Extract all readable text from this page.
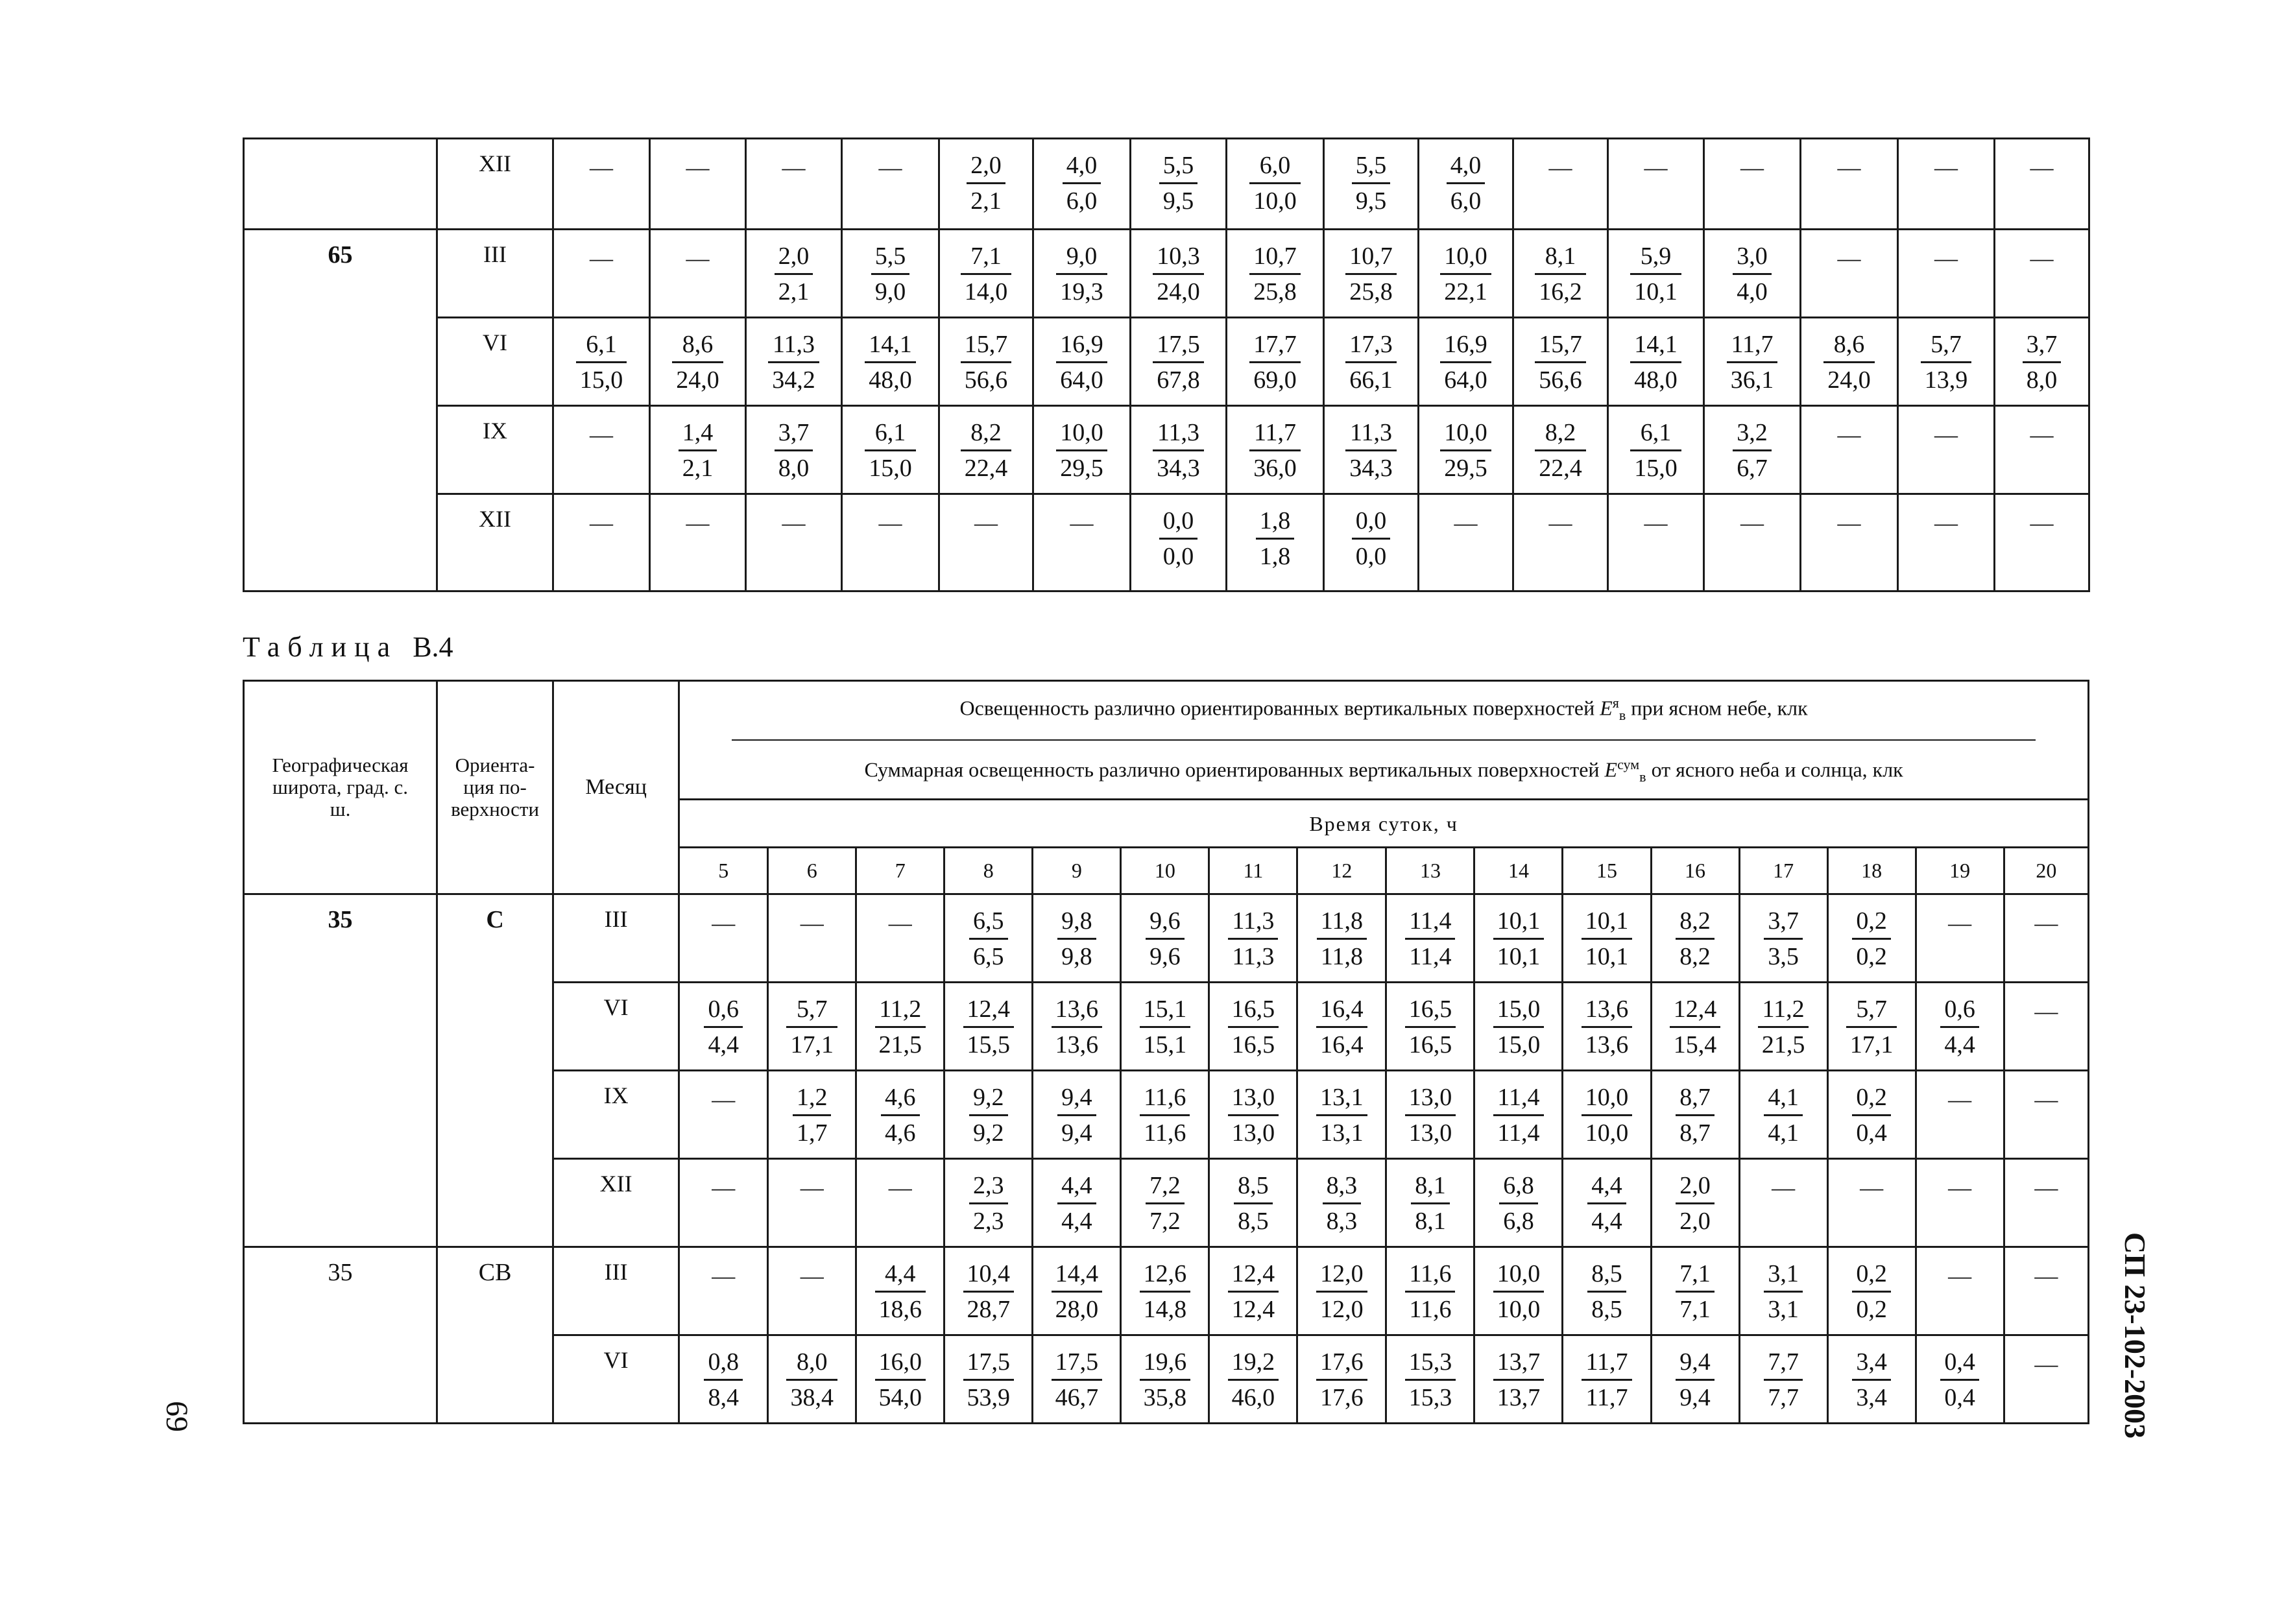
	XII	—	—	—	—	$\frac{2,0}{2,1}$	$\frac{4,0}{6,0}$	$\frac{5,5}{9,5}$	$\frac{6,0}{10,0}$	$\frac{5,5}{9,5}$	$\frac{4,0}{6,0}$	—	—	—	—	—	—
65	III	—	—	$\frac{2,0}{2,1}$	$\frac{5,5}{9,0}$	$\frac{7,1}{14,0}$	$\frac{9,0}{19,3}$	$\frac{10,3}{24,0}$	$\frac{10,7}{25,8}$	$\frac{10,7}{25,8}$	$\frac{10,0}{22,1}$	$\frac{8,1}{16,2}$	$\frac{5,9}{10,1}$	$\frac{3,0}{4,0}$	—	—	—
	VI	$\frac{6,1}{15,0}$	$\frac{8,6}{24,0}$	$\frac{11,3}{34,2}$	$\frac{14,1}{48,0}$	$\frac{15,7}{56,6}$	$\frac{16,9}{64,0}$	$\frac{17,5}{67,8}$	$\frac{17,7}{69,0}$	$\frac{17,3}{66,1}$	$\frac{16,9}{64,0}$	$\frac{15,7}{56,6}$	$\frac{14,1}{48,0}$	$\frac{11,7}{36,1}$	$\frac{8,6}{24,0}$	$\frac{5,7}{13,9}$	$\frac{3,7}{8,0}$

	IX	—	$\frac{1,4}{2,1}$	$\frac{3,7}{8,0}$	$\frac{6,1}{15,0}$	$\frac{8,2}{22,4}$	$\frac{10,0}{29,5}$	$\frac{11,3}{34,3}$	$\frac{11,7}{36,0}$	$\frac{11,3}{34,3}$	$\frac{10,0}{29,5}$	$\frac{8,2}{22,4}$	$\frac{6,1}{15,0}$	$\frac{3,2}{6,7}$	—	—	—
	XII	—	—	—	—	—	—	$\frac{0,0}{0,0}$	$\frac{1,8}{1,8}$	$\frac{0,0}{0,0}$	—	—	—	—	—	—	—
Таблица В.4
Географическая широта, град. с. ш.	Ориента-ция по-верхности	Месяц	Освещенность различно ориентированных вертикальных поверхностей $E^я_в$ при ясном небе, клк
Суммарная освещенность различно ориентированных вертикальных поверхностей $E^{сум}_в$ от ясного неба и солнца, клк															

			Время суток, ч															
			5	6	7	8	9	10	11	12	13	14	15	16	17	18	19	20
35	С	III	—	—	—	$\frac{6,5}{6,5}$	$\frac{9,8}{9,8}$	$\frac{9,6}{9,6}$	$\frac{11,3}{11,3}$	$\frac{11,8}{11,8}$	$\frac{11,4}{11,4}$	$\frac{10,1}{10,1}$	$\frac{10,1}{10,1}$	$\frac{8,2}{8,2}$	$\frac{3,7}{3,5}$	$\frac{0,2}{0,2}$	—	—
		VI	$\frac{0,6}{4,4}$	$\frac{5,7}{17,1}$	$\frac{11,2}{21,5}$	$\frac{12,4}{15,5}$	$\frac{13,6}{13,6}$	$\frac{15,1}{15,1}$	$\frac{16,5}{16,5}$	$\frac{16,4}{16,4}$	$\frac{16,5}{16,5}$	$\frac{15,0}{15,0}$	$\frac{13,6}{13,6}$	$\frac{12,4}{15,4}$	$\frac{11,2}{21,5}$	$\frac{5,7}{17,1}$	$\frac{0,6}{4,4}$	—
		IX	—	$\frac{1,2}{1,7}$	$\frac{4,6}{4,6}$	$\frac{9,2}{9,2}$	$\frac{9,4}{9,4}$	$\frac{11,6}{11,6}$	$\frac{13,0}{13,0}$	$\frac{13,1}{13,1}$	$\frac{13,0}{13,0}$	$\frac{11,4}{11,4}$	$\frac{10,0}{10,0}$	$\frac{8,7}{8,7}$	$\frac{4,1}{4,1}$	$\frac{0,2}{0,4}$	—	—
		XII	—	—	—	$\frac{2,3}{2,3}$	$\frac{4,4}{4,4}$	$\frac{7,2}{7,2}$	$\frac{8,5}{8,5}$	$\frac{8,3}{8,3}$	$\frac{8,1}{8,1}$	$\frac{6,8}{6,8}$	$\frac{4,4}{4,4}$	$\frac{2,0}{2,0}$	—	—	—	—
35	СВ	III	—	—	$\frac{4,4}{18,6}$	$\frac{10,4}{28,7}$	$\frac{14,4}{28,0}$	$\frac{12,6}{14,8}$	$\frac{12,4}{12,4}$	$\frac{12,0}{12,0}$	$\frac{11,6}{11,6}$	$\frac{10,0}{10,0}$	$\frac{8,5}{8,5}$	$\frac{7,1}{7,1}$	$\frac{3,1}{3,1}$	$\frac{0,2}{0,2}$	—	—
		VI	$\frac{0,8}{8,4}$	$\frac{8,0}{38,4}$	$\frac{16,0}{54,0}$	$\frac{17,5}{53,9}$	$\frac{17,5}{46,7}$	$\frac{19,6}{35,8}$	$\frac{19,2}{46,0}$	$\frac{17,6}{17,6}$	$\frac{15,3}{15,3}$	$\frac{13,7}{13,7}$	$\frac{11,7}{11,7}$	$\frac{9,4}{9,4}$	$\frac{7,7}{7,7}$	$\frac{3,4}{3,4}$	$\frac{0,4}{0,4}$	—
69	СП 23-102-2003
